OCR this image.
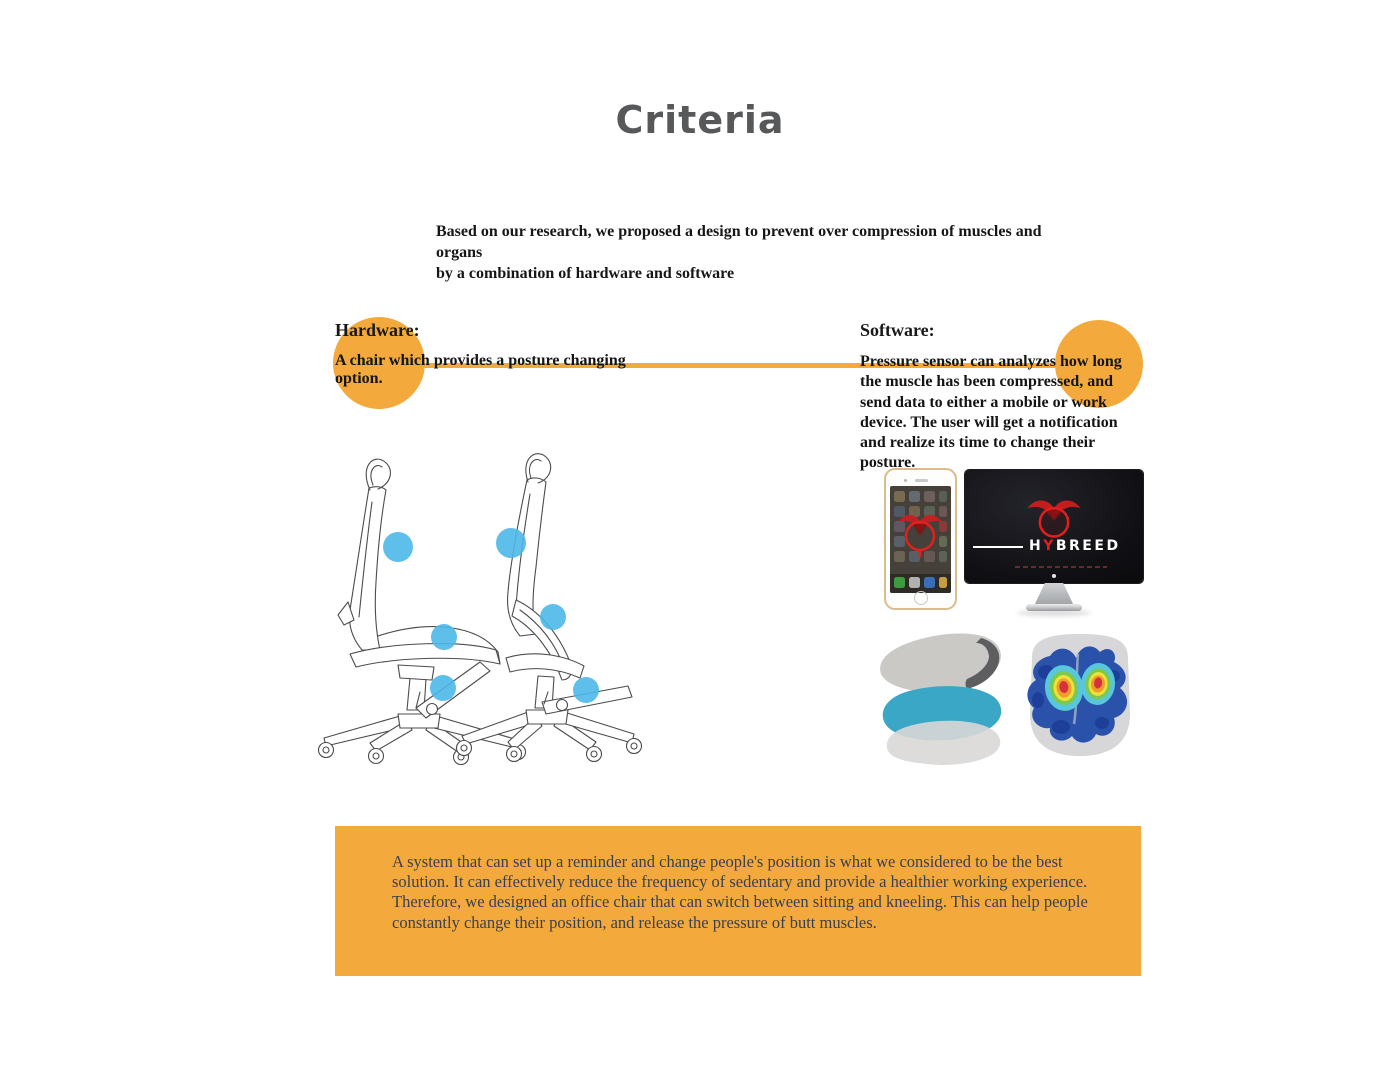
Criteria
Based on our research, we proposed a design to prevent over compression of muscles and organs
by a combination of hardware and software
Hardware:
A chair which provides a posture changing option.
Software:
Pressure sensor can analyzes how long the muscle has been compressed, and send data to either a mobile or work device. The user will get a notification and realize its time to change their posture.
HYBREED
A system that can set up a reminder and change people's position is what we considered to be the best solution. It can effectively reduce the frequency of sedentary and provide a healthier working experience. Therefore, we designed an office chair that can switch between sitting and kneeling. This can help people constantly change their position, and release the pressure of butt muscles.
